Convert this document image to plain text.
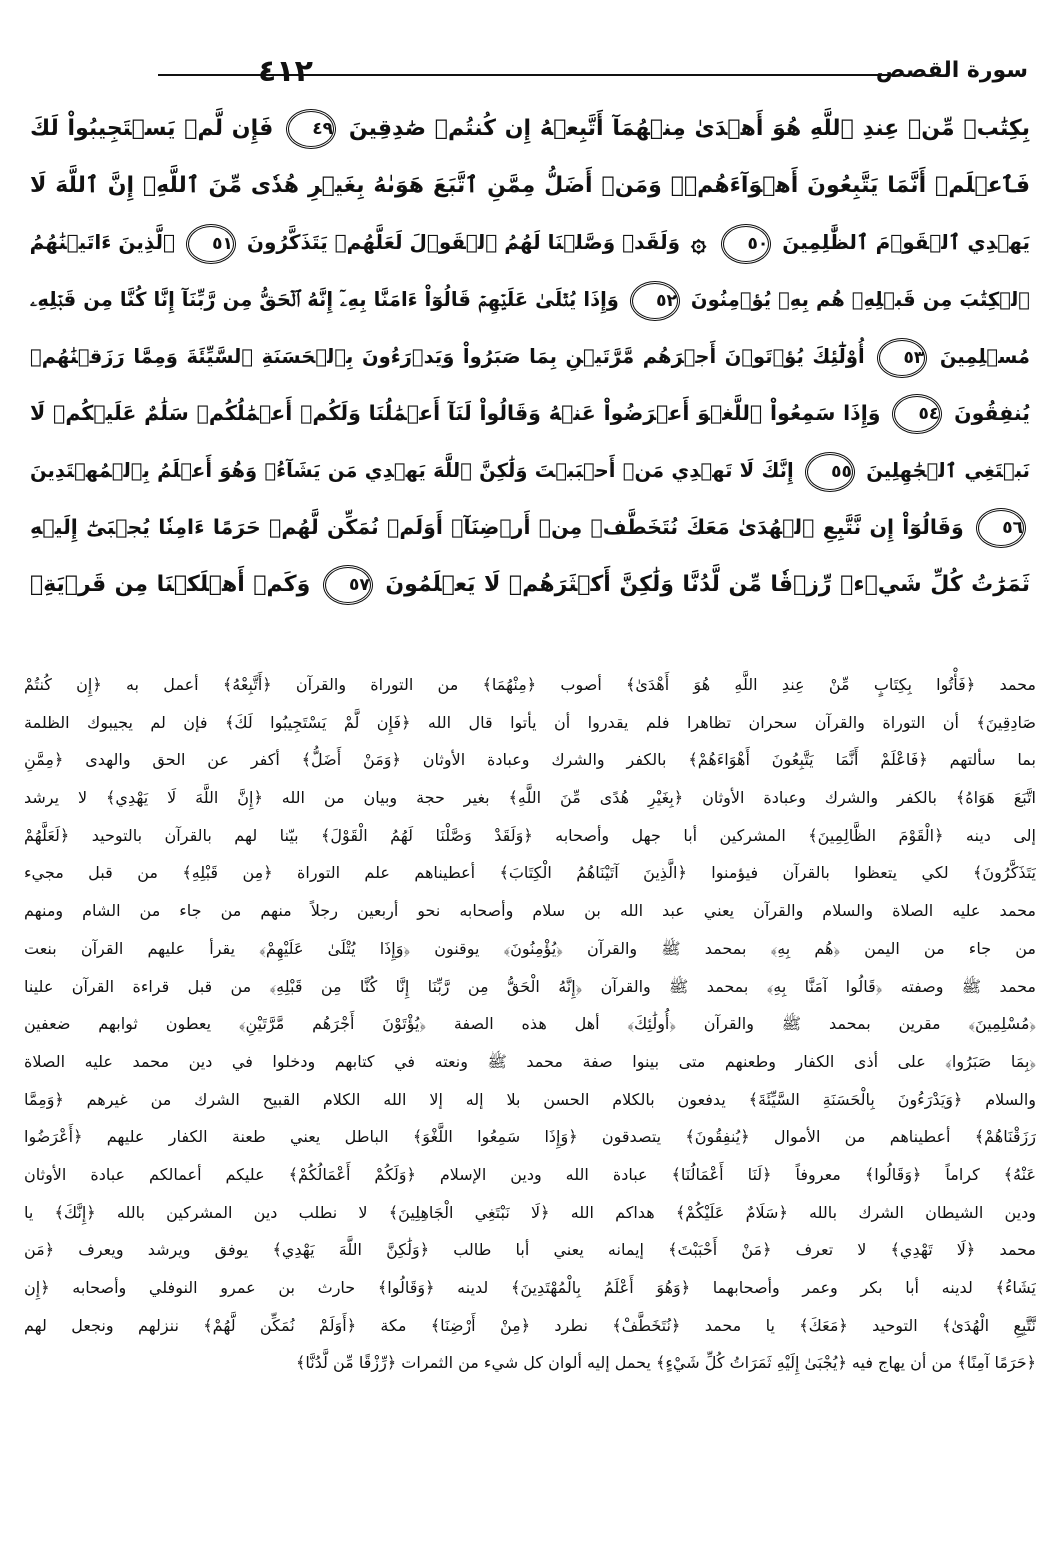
٤١٢	سورة القصص
بِكِتَٰبٖ مِّنۡ عِندِ ٱللَّهِ هُوَ أَهۡدَىٰ مِنۡهُمَآ أَتَّبِعۡهُ إِن كُنتُمۡ صَٰدِقِينَ ٤٩ فَإِن لَّمۡ يَسۡتَجِيبُواْ لَكَ
فَٱعۡلَمۡ أَنَّمَا يَتَّبِعُونَ أَهۡوَآءَهُمۡۚ وَمَنۡ أَضَلُّ مِمَّنِ ٱتَّبَعَ هَوَىٰهُ بِغَيۡرِ هُدٗى مِّنَ ٱللَّهِۚ إِنَّ ٱللَّهَ لَا
يَهۡدِي ٱلۡقَوۡمَ ٱلظَّٰلِمِينَ ٥٠ ۞ وَلَقَدۡ وَصَّلۡنَا لَهُمُ ٱلۡقَوۡلَ لَعَلَّهُمۡ يَتَذَكَّرُونَ ٥١ ٱلَّذِينَ ءَاتَيۡنَٰهُمُ
ٱلۡكِتَٰبَ مِن قَبۡلِهِۦ هُم بِهِۦ يُؤۡمِنُونَ ٥٢ وَإِذَا يُتۡلَىٰ عَلَيۡهِمۡ قَالُوٓاْ ءَامَنَّا بِهِۦٓ إِنَّهُ ٱلۡحَقُّ مِن رَّبِّنَآ إِنَّا كُنَّا مِن قَبۡلِهِۦ
مُسۡلِمِينَ ٥٣ أُوْلَٰٓئِكَ يُؤۡتَوۡنَ أَجۡرَهُم مَّرَّتَيۡنِ بِمَا صَبَرُواْ وَيَدۡرَءُونَ بِٱلۡحَسَنَةِ ٱلسَّيِّئَةَ وَمِمَّا رَزَقۡنَٰهُمۡ
يُنفِقُونَ ٥٤ وَإِذَا سَمِعُواْ ٱللَّغۡوَ أَعۡرَضُواْ عَنۡهُ وَقَالُواْ لَنَآ أَعۡمَٰلُنَا وَلَكُمۡ أَعۡمَٰلُكُمۡ سَلَٰمٌ عَلَيۡكُمۡ لَا
نَبۡتَغِي ٱلۡجَٰهِلِينَ ٥٥ إِنَّكَ لَا تَهۡدِي مَنۡ أَحۡبَبۡتَ وَلَٰكِنَّ ٱللَّهَ يَهۡدِي مَن يَشَآءُۚ وَهُوَ أَعۡلَمُ بِٱلۡمُهۡتَدِينَ
٥٦ وَقَالُوٓاْ إِن نَّتَّبِعِ ٱلۡهُدَىٰ مَعَكَ نُتَخَطَّفۡ مِنۡ أَرۡضِنَآۚ أَوَلَمۡ نُمَكِّن لَّهُمۡ حَرَمًا ءَامِنٗا يُجۡبَىٰٓ إِلَيۡهِ
ثَمَرَٰتُ كُلِّ شَيۡءٖ رِّزۡقٗا مِّن لَّدُنَّا وَلَٰكِنَّ أَكۡثَرَهُمۡ لَا يَعۡلَمُونَ ٥٧ وَكَمۡ أَهۡلَكۡنَا مِن قَرۡيَةِۢ
محمد ﴿فَأْتُوا بِكِتَابٍ مِّنْ عِندِ اللَّهِ هُوَ أَهْدَىٰ﴾ أصوب ﴿مِنْهُمَا﴾ من التوراة والقرآن ﴿أَتَّبِعْهُ﴾ أعمل به ﴿إِن كُنتُمْ
صَادِقِينَ﴾ أن التوراة والقرآن سحران تظاهرا فلم يقدروا أن يأتوا قال الله ﴿فَإِن لَّمْ يَسْتَجِيبُوا لَكَ﴾ فإن لم يجيبوك الظلمة
بما سألتهم ﴿فَاعْلَمْ أَنَّمَا يَتَّبِعُونَ أَهْوَاءَهُمْ﴾ بالكفر والشرك وعبادة الأوثان ﴿وَمَنْ أَضَلُّ﴾ أكفر عن الحق والهدى ﴿مِمَّنِ
اتَّبَعَ هَوَاهُ﴾ بالكفر والشرك وعبادة الأوثان ﴿بِغَيْرِ هُدًى مِّنَ اللَّهِ﴾ بغير حجة وبيان من الله ﴿إِنَّ اللَّهَ لَا يَهْدِي﴾ لا يرشد
إلى دينه ﴿الْقَوْمَ الظَّالِمِينَ﴾ المشركين أبا جهل وأصحابه ﴿وَلَقَدْ وَصَّلْنَا لَهُمُ الْقَوْلَ﴾ بيّنا لهم بالقرآن بالتوحيد ﴿لَعَلَّهُمْ
يَتَذَكَّرُونَ﴾ لكي يتعظوا بالقرآن فيؤمنوا ﴿الَّذِينَ آتَيْنَاهُمُ الْكِتَابَ﴾ أعطيناهم علم التوراة ﴿مِن قَبْلِهِ﴾ من قبل مجيء
محمد عليه الصلاة والسلام والقرآن يعني عبد الله بن سلام وأصحابه نحو أربعين رجلاً منهم من جاء من الشام ومنهم
من جاء من اليمن ﴿هُم بِهِ﴾ بمحمد ﷺ والقرآن ﴿يُؤْمِنُونَ﴾ يوقنون ﴿وَإِذَا يُتْلَىٰ عَلَيْهِمْ﴾ يقرأ عليهم القرآن بنعت
محمد ﷺ وصفته ﴿قَالُوا آمَنَّا بِهِ﴾ بمحمد ﷺ والقرآن ﴿إِنَّهُ الْحَقُّ مِن رَّبِّنَا إِنَّا كُنَّا مِن قَبْلِهِ﴾ من قبل قراءة القرآن علينا
﴿مُسْلِمِينَ﴾ مقرين بمحمد ﷺ والقرآن ﴿أُولَٰئِكَ﴾ أهل هذه الصفة ﴿يُؤْتَوْنَ أَجْرَهُم مَّرَّتَيْنِ﴾ يعطون ثوابهم ضعفين
﴿بِمَا صَبَرُوا﴾ على أذى الكفار وطعنهم متى بينوا صفة محمد ﷺ ونعته في كتابهم ودخلوا في دين محمد عليه الصلاة
والسلام ﴿وَيَدْرَءُونَ بِالْحَسَنَةِ السَّيِّئَةَ﴾ يدفعون بالكلام الحسن بلا إله إلا الله الكلام القبيح الشرك من غيرهم ﴿وَمِمَّا
رَزَقْنَاهُمْ﴾ أعطيناهم من الأموال ﴿يُنفِقُونَ﴾ يتصدقون ﴿وَإِذَا سَمِعُوا اللَّغْوَ﴾ الباطل يعني طعنة الكفار عليهم ﴿أَعْرَضُوا
عَنْهُ﴾ كراماً ﴿وَقَالُوا﴾ معروفاً ﴿لَنَا أَعْمَالُنَا﴾ عبادة الله ودين الإسلام ﴿وَلَكُمْ أَعْمَالُكُمْ﴾ عليكم أعمالكم عبادة الأوثان
ودين الشيطان الشرك بالله ﴿سَلَامٌ عَلَيْكُمْ﴾ هداكم الله ﴿لَا نَبْتَغِي الْجَاهِلِينَ﴾ لا نطلب دين المشركين بالله ﴿إِنَّكَ﴾ يا
محمد ﴿لَا تَهْدِي﴾ لا تعرف ﴿مَنْ أَحْبَبْتَ﴾ إيمانه يعني أبا طالب ﴿وَلَٰكِنَّ اللَّهَ يَهْدِي﴾ يوفق ويرشد ويعرف ﴿مَن
يَشَاءُ﴾ لدينه أبا بكر وعمر وأصحابهما ﴿وَهُوَ أَعْلَمُ بِالْمُهْتَدِينَ﴾ لدينه ﴿وَقَالُوا﴾ حارث بن عمرو النوفلي وأصحابه ﴿إِن
نَّتَّبِعِ الْهُدَىٰ﴾ التوحيد ﴿مَعَكَ﴾ يا محمد ﴿نُتَخَطَّفْ﴾ نطرد ﴿مِنْ أَرْضِنَا﴾ مكة ﴿أَوَلَمْ نُمَكِّن لَّهُمْ﴾ ننزلهم ونجعل لهم
﴿حَرَمًا آمِنًا﴾ من أن يهاج فيه ﴿يُجْبَىٰ إِلَيْهِ ثَمَرَاتُ كُلِّ شَيْءٍ﴾ يحمل إليه ألوان كل شيء من الثمرات ﴿رِّزْقًا مِّن لَّدُنَّا﴾
